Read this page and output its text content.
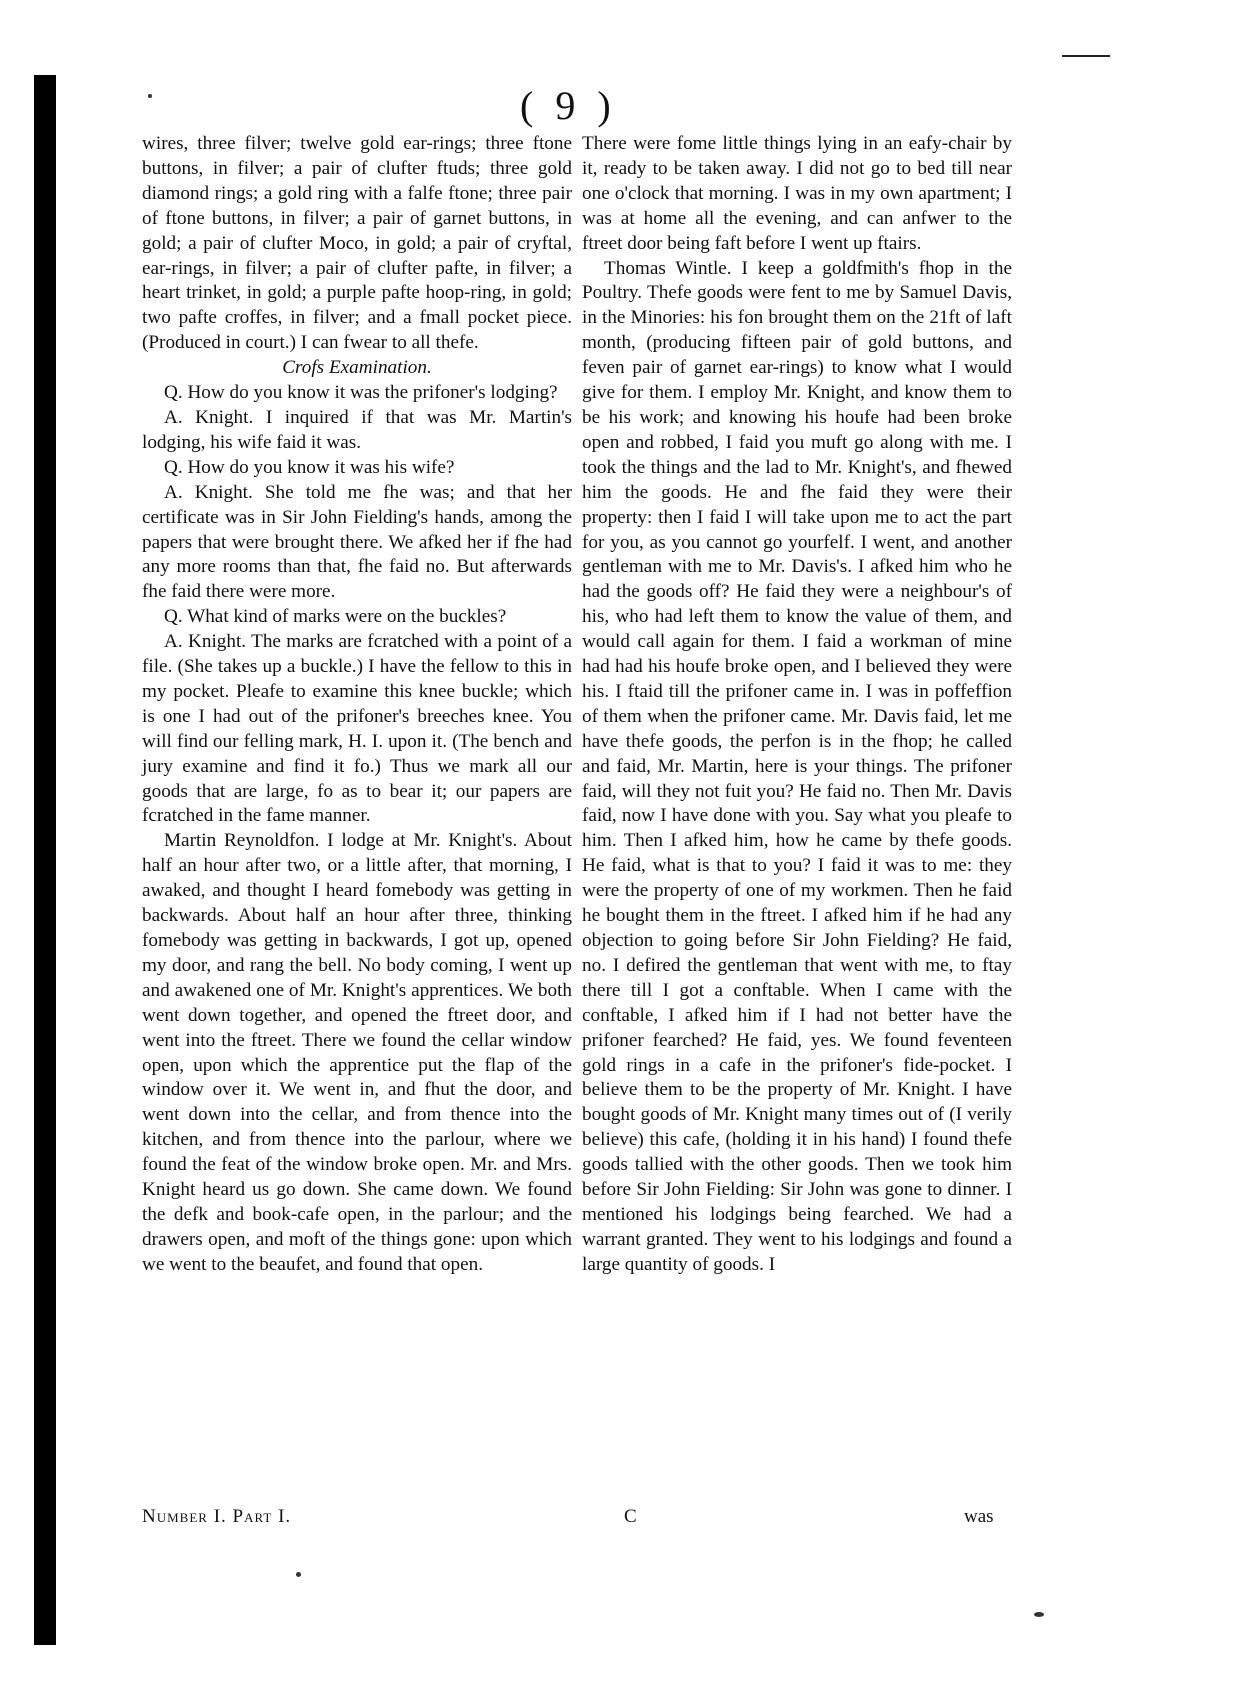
( 9 )

wires, three filver; twelve gold ear-rings; three ftone buttons, in filver; a pair of clufter ftuds; three gold diamond rings; a gold ring with a falfe ftone; three pair of ftone buttons, in filver; a pair of garnet buttons, in gold; a pair of clufter Moco, in gold; a pair of cryftal, ear-rings, in filver; a pair of clufter pafte, in filver; a heart trinket, in gold; a purple pafte hoop-ring, in gold; two pafte croffes, in filver; and a fmall pocket piece. (Produced in court.) I can fwear to all thefe.

Crofs Examination.

Q. How do you know it was the prifoner's lodging?

A. Knight. I inquired if that was Mr. Martin's lodging, his wife faid it was.

Q. How do you know it was his wife?

A. Knight. She told me fhe was; and that her certificate was in Sir John Fielding's hands, among the papers that were brought there. We afked her if fhe had any more rooms than that, fhe faid no. But afterwards fhe faid there were more.

Q. What kind of marks were on the buckles?

A. Knight. The marks are fcratched with a point of a file. (She takes up a buckle.) I have the fellow to this in my pocket. Pleafe to examine this knee buckle; which is one I had out of the prifoner's breeches knee. You will find our felling mark, H. I. upon it. (The bench and jury examine and find it fo.) Thus we mark all our goods that are large, fo as to bear it; our papers are fcratched in the fame manner.

Martin Reynoldfon. I lodge at Mr. Knight's. About half an hour after two, or a little after, that morning, I awaked, and thought I heard fomebody was getting in backwards. About half an hour after three, thinking fomebody was getting in backwards, I got up, opened my door, and rang the bell. No body coming, I went up and awakened one of Mr. Knight's apprentices. We both went down together, and opened the ftreet door, and went into the ftreet. There we found the cellar window open, upon which the apprentice put the flap of the window over it. We went in, and fhut the door, and went down into the cellar, and from thence into the kitchen, and from thence into the parlour, where we found the feat of the window broke open. Mr. and Mrs. Knight heard us go down. She came down. We found the defk and book-cafe open, in the parlour; and the drawers open, and moft of the things gone: upon which we went to the beaufet, and found that open.

There were fome little things lying in an eafy-chair by it, ready to be taken away. I did not go to bed till near one o'clock that morning. I was in my own apartment; I was at home all the evening, and can anfwer to the ftreet door being faft before I went up ftairs.

Thomas Wintle. I keep a goldfmith's fhop in the Poultry. Thefe goods were fent to me by Samuel Davis, in the Minories: his fon brought them on the 21ft of laft month, (producing fifteen pair of gold buttons, and feven pair of garnet ear-rings) to know what I would give for them. I employ Mr. Knight, and know them to be his work; and knowing his houfe had been broke open and robbed, I faid you muft go along with me. I took the things and the lad to Mr. Knight's, and fhewed him the goods. He and fhe faid they were their property: then I faid I will take upon me to act the part for you, as you cannot go yourfelf. I went, and another gentleman with me to Mr. Davis's. I afked him who he had the goods off? He faid they were a neighbour's of his, who had left them to know the value of them, and would call again for them. I faid a workman of mine had had his houfe broke open, and I believed they were his. I ftaid till the prifoner came in. I was in poffeffion of them when the prifoner came. Mr. Davis faid, let me have thefe goods, the perfon is in the fhop; he called and faid, Mr. Martin, here is your things. The prifoner faid, will they not fuit you? He faid no. Then Mr. Davis faid, now I have done with you. Say what you pleafe to him. Then I afked him, how he came by thefe goods. He faid, what is that to you? I faid it was to me: they were the property of one of my workmen. Then he faid he bought them in the ftreet. I afked him if he had any objection to going before Sir John Fielding? He faid, no. I defired the gentleman that went with me, to ftay there till I got a conftable. When I came with the conftable, I afked him if I had not better have the prifoner fearched? He faid, yes. We found feventeen gold rings in a cafe in the prifoner's fide-pocket. I believe them to be the property of Mr. Knight. I have bought goods of Mr. Knight many times out of (I verily believe) this cafe, (holding it in his hand) I found thefe goods tallied with the other goods. Then we took him before Sir John Fielding: Sir John was gone to dinner. I mentioned his lodgings being fearched. We had a warrant granted. They went to his lodgings and found a large quantity of goods. I

Number I. Part I.	C	was
